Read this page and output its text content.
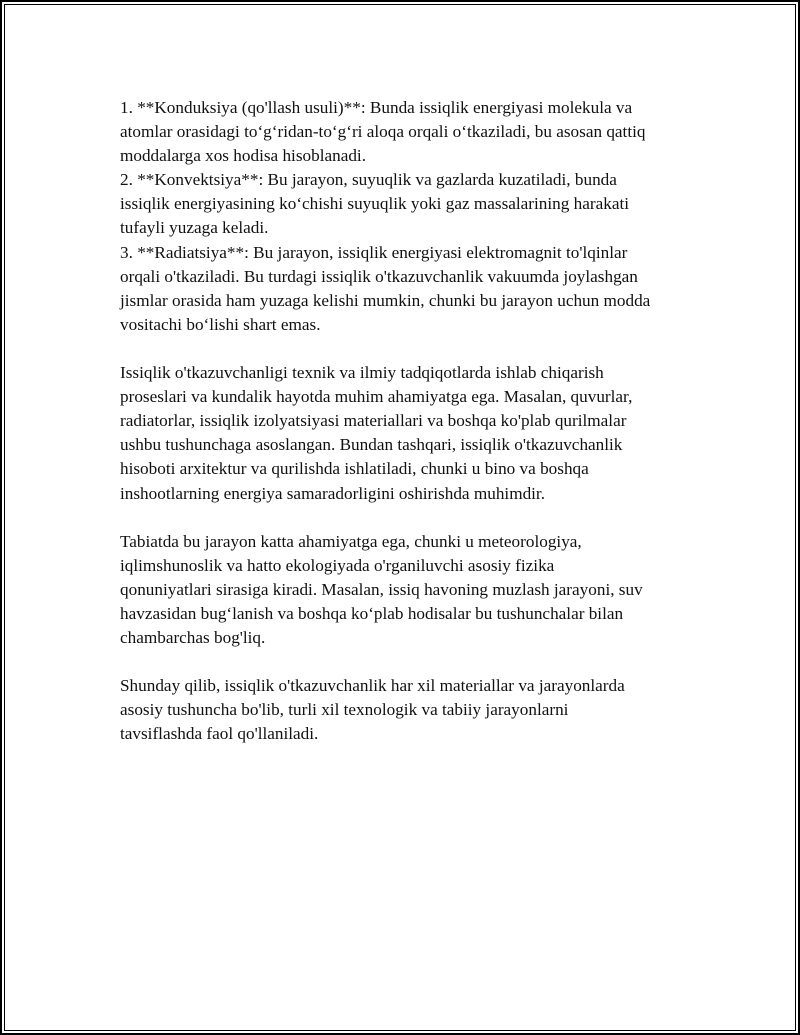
1. **Konduksiya (qo'llash usuli)**: Bunda issiqlik energiyasi molekula va

atomlar orasidagi to‘g‘ridan-to‘g‘ri aloqa orqali o‘tkaziladi, bu asosan qattiq

moddalarga xos hodisa hisoblanadi.

2. **Konvektsiya**: Bu jarayon, suyuqlik va gazlarda kuzatiladi, bunda

issiqlik energiyasining ko‘chishi suyuqlik yoki gaz massalarining harakati

tufayli yuzaga keladi.

3. **Radiatsiya**: Bu jarayon, issiqlik energiyasi elektromagnit to'lqinlar

orqali o'tkaziladi. Bu turdagi issiqlik o'tkazuvchanlik vakuumda joylashgan

jismlar orasida ham yuzaga kelishi mumkin, chunki bu jarayon uchun modda

vositachi bo‘lishi shart emas.

Issiqlik o'tkazuvchanligi texnik va ilmiy tadqiqotlarda ishlab chiqarish

proseslari va kundalik hayotda muhim ahamiyatga ega. Masalan, quvurlar,

radiatorlar, issiqlik izolyatsiyasi materiallari va boshqa ko'plab qurilmalar

ushbu tushunchaga asoslangan. Bundan tashqari, issiqlik o'tkazuvchanlik

hisoboti arxitektur va qurilishda ishlatiladi, chunki u bino va boshqa

inshootlarning energiya samaradorligini oshirishda muhimdir.

Tabiatda bu jarayon katta ahamiyatga ega, chunki u meteorologiya,

iqlimshunoslik va hatto ekologiyada o'rganiluvchi asosiy fizika

qonuniyatlari sirasiga kiradi. Masalan, issiq havoning muzlash jarayoni, suv

havzasidan bug‘lanish va boshqa ko‘plab hodisalar bu tushunchalar bilan

chambarchas bog'liq.

Shunday qilib, issiqlik o'tkazuvchanlik har xil materiallar va jarayonlarda

asosiy tushuncha bo'lib, turli xil texnologik va tabiiy jarayonlarni

tavsiflashda faol qo'llaniladi.
